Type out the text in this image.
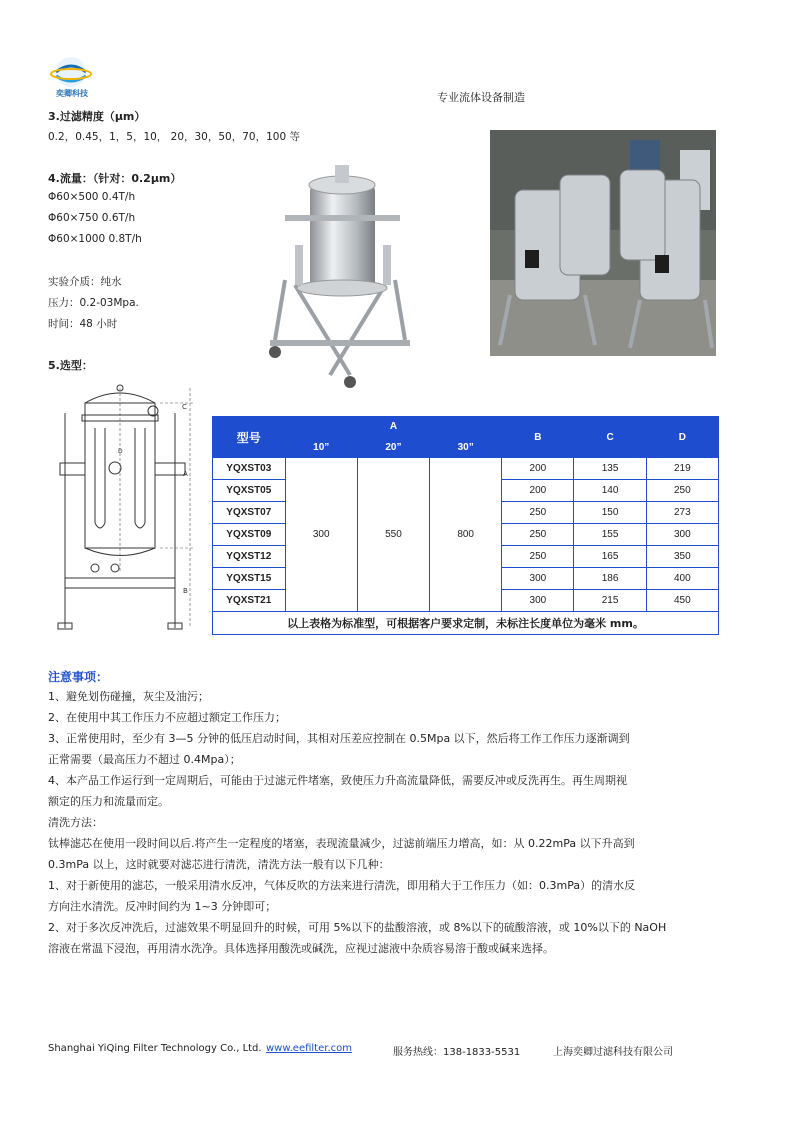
奕卿科技	专业流体设备制造
3.过滤精度（μm）
0.2，0.45，1，5，10， 20，30，50，70，100 等
4.流量：（针对：0.2μm）
Φ60×500 0.4T/h
Φ60×750 0.6T/h
Φ60×1000 0.8T/h
实验介质：纯水
压力：0.2-03Mpa.
时间：48 小时
5.选型：
C
A
B
D
型号	A			B	C	D
	10”	20”	30”			
YQXST03	300	550	800	200	135	219
YQXST05				200	140	250
YQXST07				250	150	273
YQXST09				250	155	300
YQXST12				250	165	350
YQXST15				300	186	400
YQXST21				300	215	450
以上表格为标准型，可根据客户要求定制，未标注长度单位为毫米 mm。						
注意事项：
1、避免划伤碰撞，灰尘及油污；
2、在使用中其工作压力不应超过额定工作压力；
3、正常使用时，至少有 3—5 分钟的低压启动时间，其相对压差应控制在 0.5Mpa 以下，然后将工作工作压力逐渐调到
正常需要（最高压力不超过 0.4Mpa）；
4、本产品工作运行到一定周期后，可能由于过滤元件堵塞，致使压力升高流量降低，需要反冲或反洗再生。再生周期视
额定的压力和流量而定。
清洗方法：
钛棒滤芯在使用一段时间以后.将产生一定程度的堵塞，表现流量减少，过滤前端压力增高，如：从 0.22mPa 以下升高到
0.3mPa 以上，这时就要对滤芯进行清洗，清洗方法一般有以下几种：
1、对于新使用的滤芯，一般采用清水反冲，气体反吹的方法来进行清洗，即用稍大于工作压力（如：0.3mPa）的清水反
方向注水清洗。反冲时间约为 1~3 分钟即可；
2、对于多次反冲洗后，过滤效果不明显回升的时候，可用 5%以下的盐酸溶液，或 8%以下的硫酸溶液，或 10%以下的 NaOH
溶液在常温下浸泡，再用清水洗净。具体选择用酸洗或碱洗，应视过滤液中杂质容易溶于酸或碱来选择。
Shanghai YiQing Filter Technology Co., Ltd. www.eefilter.com	服务热线：138-1833-5531	上海奕卿过滤科技有限公司
